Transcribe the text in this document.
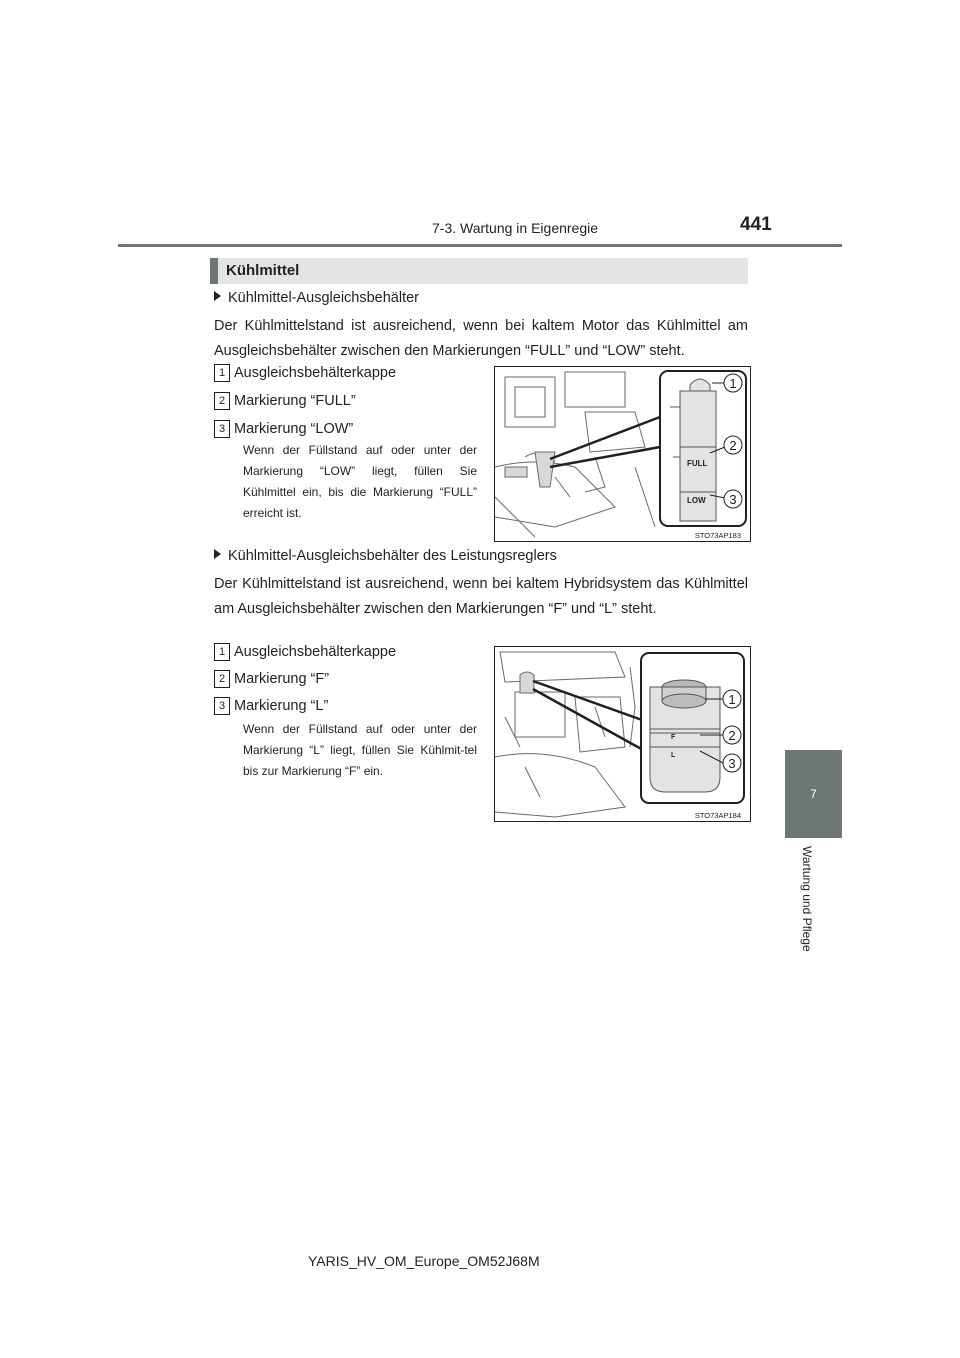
7-3. Wartung in Eigenregie	441
7
Wartung und Pflege
Kühlmittel
Kühlmittel-Ausgleichsbehälter
Der Kühlmittelstand ist ausreichend, wenn bei kaltem Motor das Kühlmittel am Ausgleichsbehälter zwischen den Markierungen “FULL” und “LOW” steht.
1 Ausgleichsbehälterkappe
2 Markierung “FULL”
3 Markierung “LOW”
Wenn der Füllstand auf oder unter der Markierung “LOW” liegt, füllen Sie Kühlmittel ein, bis die Markierung “FULL” erreicht ist.
FULL
LOW
1
2
3
STO73AP183
Kühlmittel-Ausgleichsbehälter des Leistungsreglers
Der Kühlmittelstand ist ausreichend, wenn bei kaltem Hybridsystem das Kühlmittel am Ausgleichsbehälter zwischen den Markierungen “F” und “L” steht.
1 Ausgleichsbehälterkappe
2 Markierung “F”
3 Markierung “L”
Wenn der Füllstand auf oder unter der Markierung “L” liegt, füllen Sie Kühlmit-tel bis zur Markierung “F” ein.
F
L
1
2
3
STO73AP184
YARIS_HV_OM_Europe_OM52J68M
